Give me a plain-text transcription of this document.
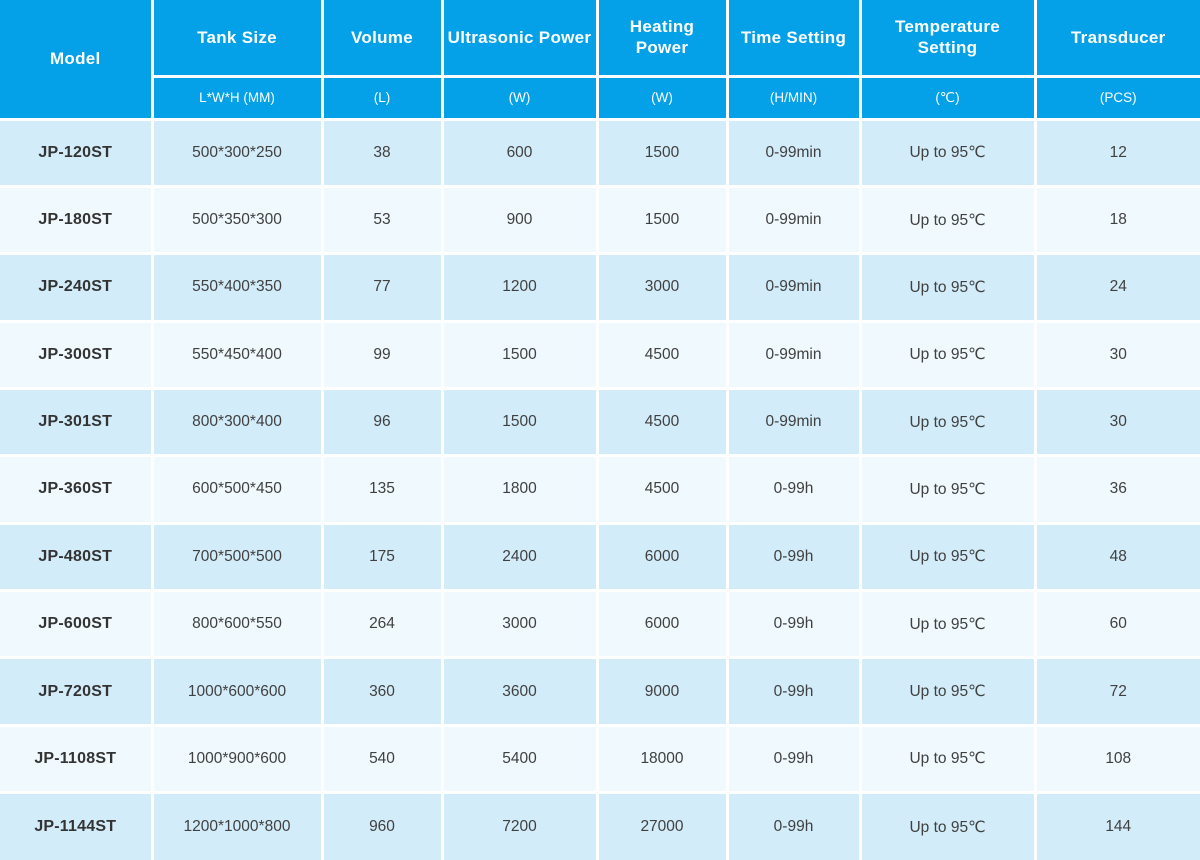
Model	Tank Size	Volume	Ultrasonic Power	Heating Power	Time Setting	Temperature Setting	Transducer
	L*W*H (MM)	(L)	(W)	(W)	(H/MIN)	(℃)	(PCS)
JP-120ST	500*300*250	38	600	1500	0-99min	Up to 95℃	12
JP-180ST	500*350*300	53	900	1500	0-99min	Up to 95℃	18
JP-240ST	550*400*350	77	1200	3000	0-99min	Up to 95℃	24
JP-300ST	550*450*400	99	1500	4500	0-99min	Up to 95℃	30
JP-301ST	800*300*400	96	1500	4500	0-99min	Up to 95℃	30
JP-360ST	600*500*450	135	1800	4500	0-99h	Up to 95℃	36
JP-480ST	700*500*500	175	2400	6000	0-99h	Up to 95℃	48
JP-600ST	800*600*550	264	3000	6000	0-99h	Up to 95℃	60
JP-720ST	1000*600*600	360	3600	9000	0-99h	Up to 95℃	72
JP-1108ST	1000*900*600	540	5400	18000	0-99h	Up to 95℃	108
JP-1144ST	1200*1000*800	960	7200	27000	0-99h	Up to 95℃	144
